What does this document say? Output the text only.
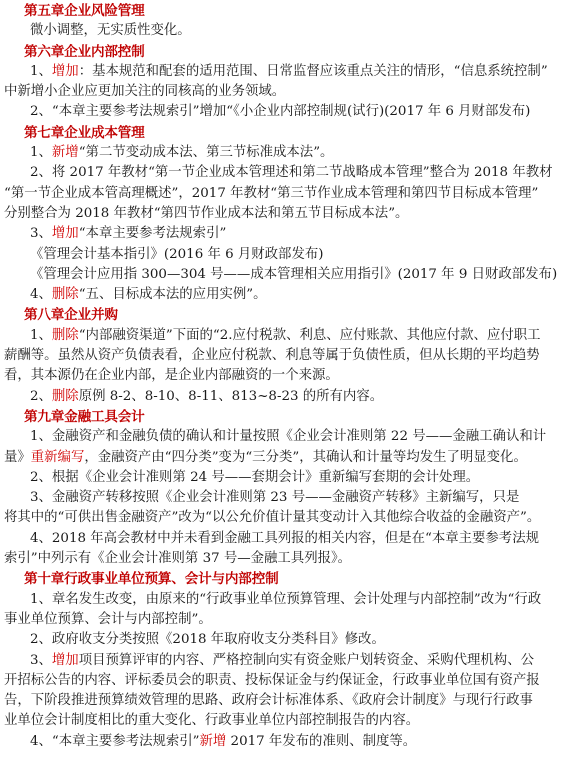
第五章企业风险管理
微小调整，无实质性变化。
第六章企业内部控制
1、增加：基本规范和配套的适用范围、日常监督应该重点关注的情形，“信息系统控制”
中新增小企业应更加关注的同核高的业务领域。
2、“本章主要参考法规索引”增加“《小企业内部控制规(试行)(2017 年 6 月财部发布)
第七章企业成本管理
1、新增“第二节变动成本法、第三节标准成本法”。
2、将 2017 年教材“第一节企业成本管理述和第二节战略成本管理”整合为 2018 年教材
“第一节企业成本管高理概述”，2017 年教材“第三节作业成本管理和第四节目标成本管理”
分别整合为 2018 年教材“第四节作业成本法和第五节目标成本法”。
3、增加“本章主要参考法规索引”
《管理会计基本指引》(2016 年 6 月财政部发布)
《管理会计应用指 300—304 号——成本管理相关应用指引》(2017 年 9 日财政部发布)
4、删除“五、目标成本法的应用实例”。
第八章企业并购
1、删除“内部融资渠道”下面的“2.应付税款、利息、应付账款、其他应付款、应付职工
薪酬等。虽然从资产负债表看，企业应付税款、利息等属于负债性质，但从长期的平均趋势
看，其本源仍在企业内部，是企业内部融资的一个来源。
2、删除原例 8-2、8-10、8-11、813~8-23 的所有内容。
第九章金融工具会计
1、金融资产和金融负债的确认和计量按照《企业会计准则第 22 号——金融工确认和计
量》重新编写，金融资产由“四分类”变为“三分类”，其确认和计量等均发生了明显变化。
2、根据《企业会计准则第 24 号——套期会计》重新编写套期的会计处理。
3、金融资产转移按照《企业会计准则第 23 号——金融资产转移》主新编写，只是
将其中的“可供出售金融资产”改为“以公允价值计量其变动计入其他综合收益的金融资产”。
4、2018 年高会教材中并未看到金融工具列报的相关内容，但是在“本章主要参考法规
索引”中列示有《企业会计准则第 37 号—金融工具列报》。
第十章行政事业单位预算、会计与内部控制
1、章名发生改变，由原来的“行政事业单位预算管理、会计处理与内部控制”改为“行政
事业单位预算、会计与内部控制”。
2、政府收支分类按照《2018 年取府收支分类科目》修改。
3、增加项目预算评审的内容、严格控制向实有资金账户划转资金、采购代理机构、公
开招标公告的内容、评标委员会的职责、投标保证金与约保证金，行政事业单位国有资产报
告，下阶段推进预算绩效管理的思路、政府会计标准体系、《政府会计制度》与现行行政事
业单位会计制度相比的重大变化、行政事业单位内部控制报告的内容。
4、“本章主要参考法规索引”新增 2017 年发布的准则、制度等。
